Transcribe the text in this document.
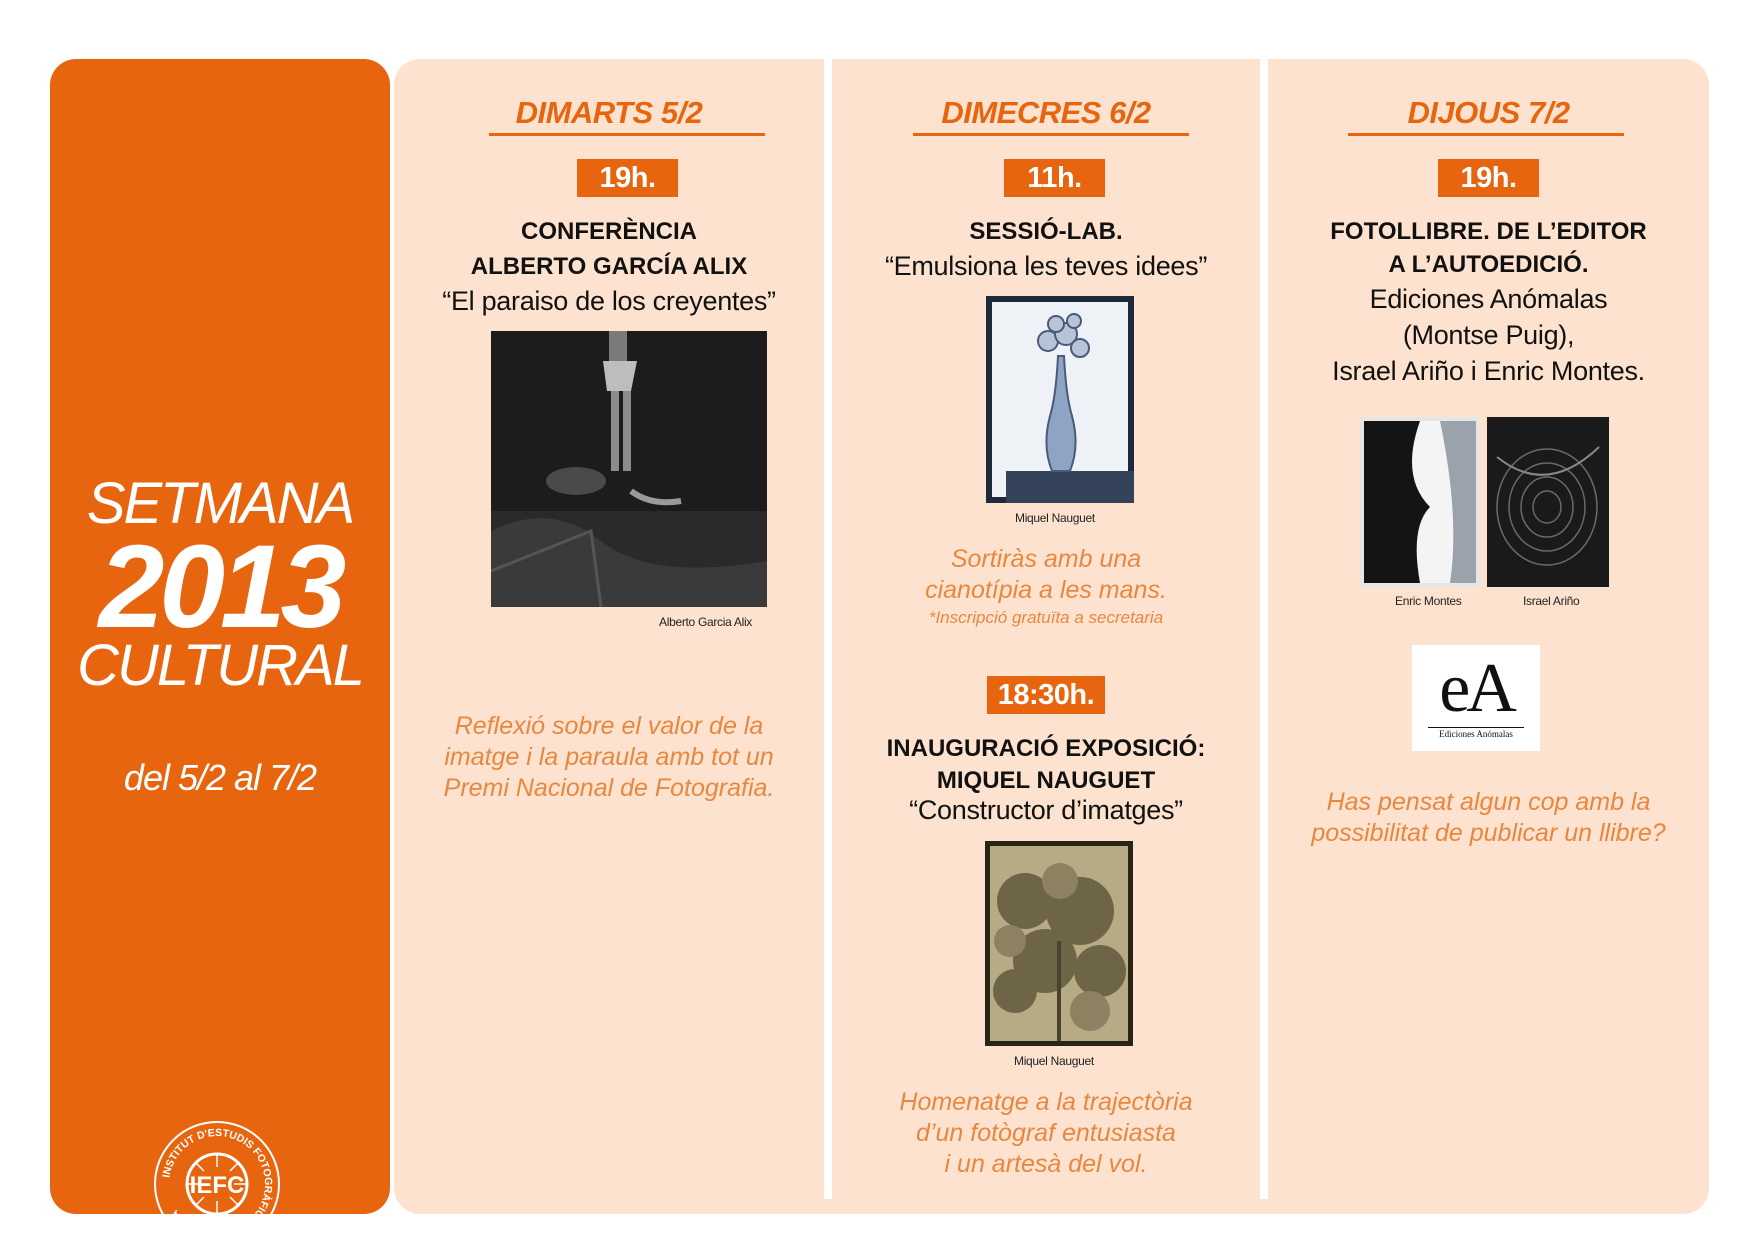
SETMANA
2013
CULTURAL
del 5/2 al 7/2
INSTITUT D'ESTUDIS FOTOGRÀFICS DE CATALUNYA
IEFC
DIMARTS 5/2
19h.
CONFERÈNCIA
ALBERTO GARCÍA ALIX
“El paraiso de los creyentes”
Alberto Garcia Alix
Reflexió sobre el valor de la
imatge i la paraula amb tot un
Premi Nacional de Fotografia.
DIMECRES 6/2
11h.
SESSIÓ-LAB.
“Emulsiona les teves idees”
Miquel Nauguet
Sortiràs amb una
cianotípia a les mans.
*Inscripció gratuïta a secretaria
18:30h.
INAUGURACIÓ EXPOSICIÓ:
MIQUEL NAUGUET
“Constructor d’imatges”
Miquel Nauguet
Homenatge a la trajectòria
d’un fotògraf entusiasta
i un artesà del vol.
DIJOUS 7/2
19h.
FOTOLLIBRE. DE L’EDITOR
A L’AUTOEDICIÓ.
Ediciones Anómalas
(Montse Puig),
Israel Ariño i Enric Montes.
Enric Montes	Israel Ariño
eA
Ediciones Anómalas
Has pensat algun cop amb la
possibilitat de publicar un llibre?
